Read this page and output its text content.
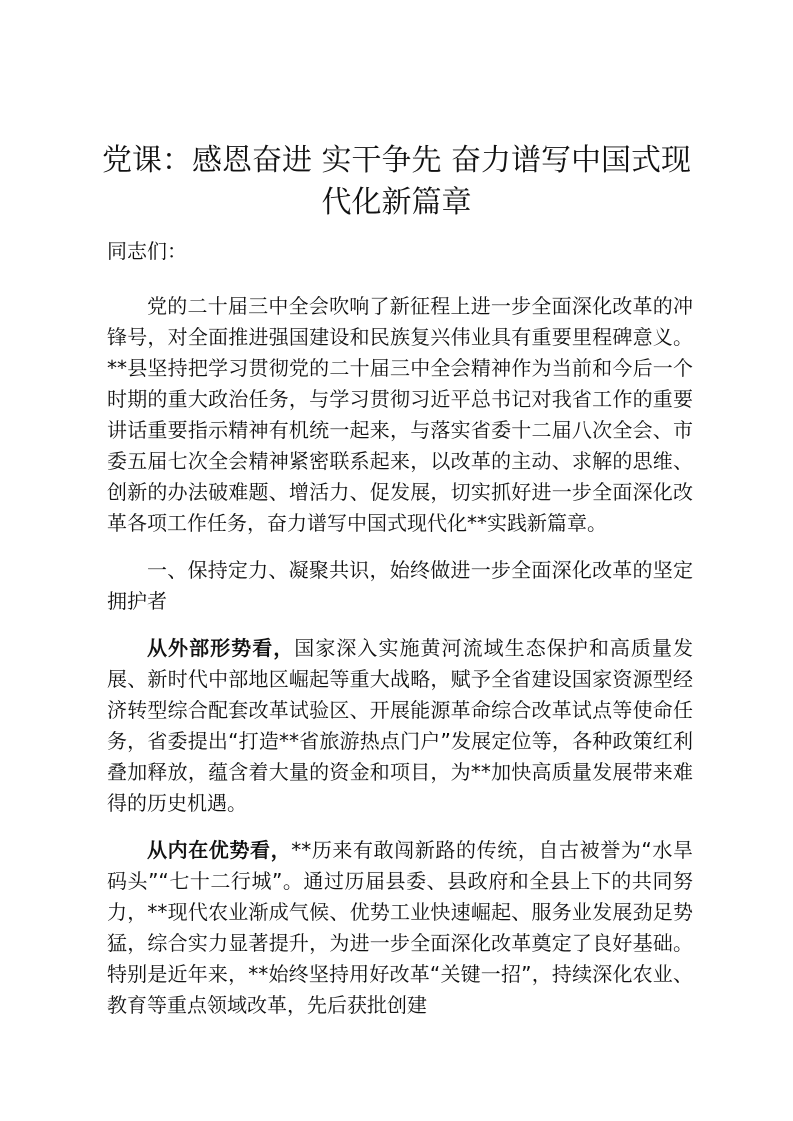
党课：感恩奋进 实干争先 奋力谱写中国式现代化新篇章

同志们：

党的二十届三中全会吹响了新征程上进一步全面深化改革的冲锋号，对全面推进强国建设和民族复兴伟业具有重要里程碑意义。**县坚持把学习贯彻党的二十届三中全会精神作为当前和今后一个时期的重大政治任务，与学习贯彻习近平总书记对我省工作的重要讲话重要指示精神有机统一起来，与落实省委十二届八次全会、市委五届七次全会精神紧密联系起来，以改革的主动、求解的思维、创新的办法破难题、增活力、促发展，切实抓好进一步全面深化改革各项工作任务，奋力谱写中国式现代化**实践新篇章。

一、保持定力、凝聚共识，始终做进一步全面深化改革的坚定拥护者

从外部形势看，国家深入实施黄河流域生态保护和高质量发展、新时代中部地区崛起等重大战略，赋予全省建设国家资源型经济转型综合配套改革试验区、开展能源革命综合改革试点等使命任务，省委提出“打造**省旅游热点门户”发展定位等，各种政策红利叠加释放，蕴含着大量的资金和项目，为**加快高质量发展带来难得的历史机遇。

从内在优势看，**历来有敢闯新路的传统，自古被誉为“水旱码头”“七十二行城”。通过历届县委、县政府和全县上下的共同努力，**现代农业渐成气候、优势工业快速崛起、服务业发展劲足势猛，综合实力显著提升，为进一步全面深化改革奠定了良好基础。特别是近年来，**始终坚持用好改革“关键一招”，持续深化农业、教育等重点领域改革，先后获批创建
